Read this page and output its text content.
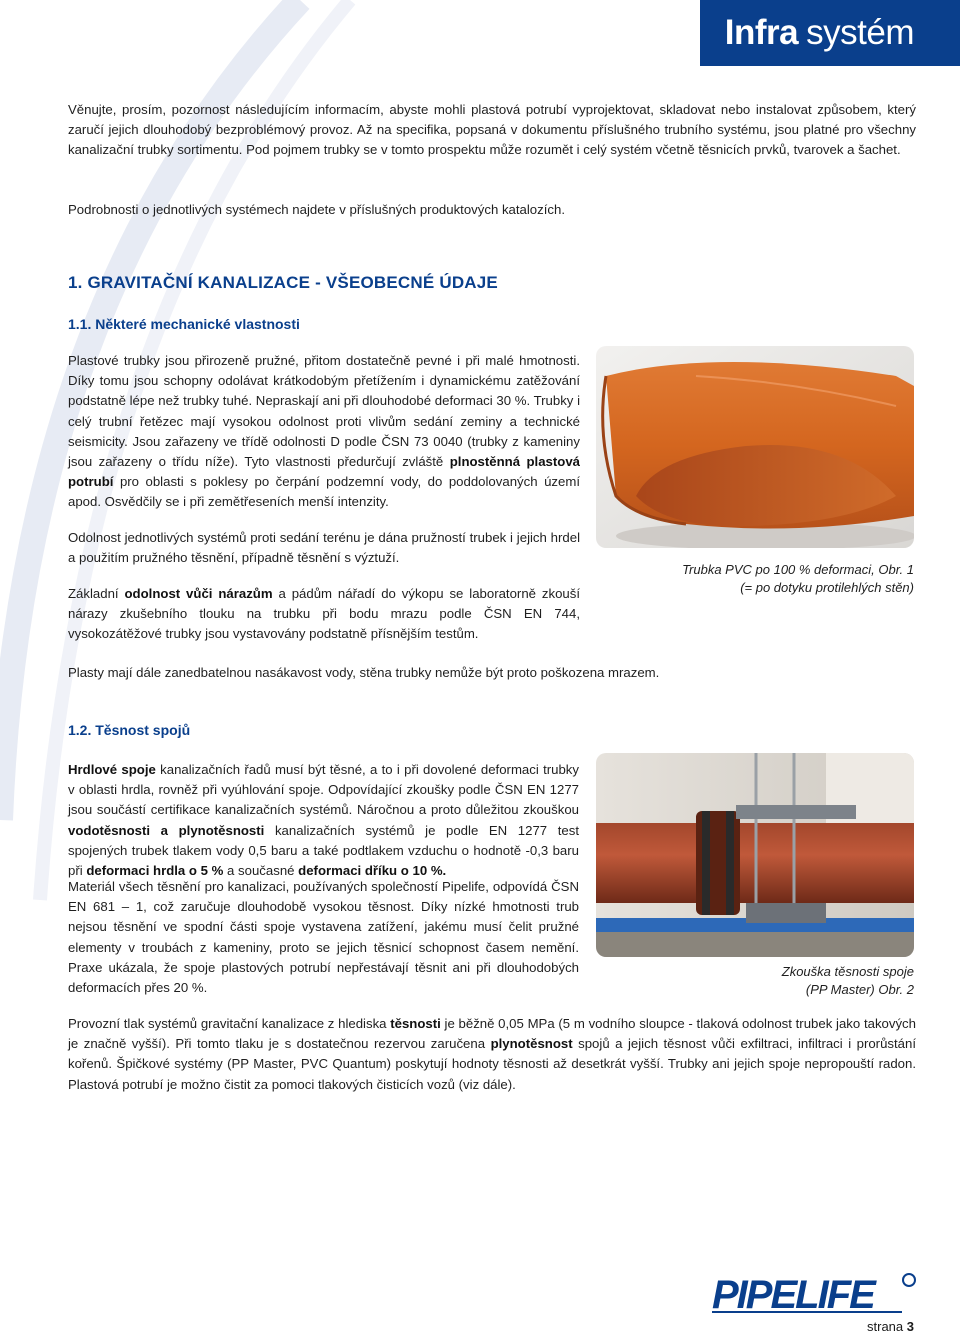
Infra systém

Věnujte, prosím, pozornost následujícím informacím, abyste mohli plastová potrubí vyprojektovat, skladovat nebo instalovat způsobem, který zaručí jejich dlouhodobý bezproblémový provoz. Až na specifika, popsaná v dokumentu příslušného trubního systému, jsou platné pro všechny kanalizační trubky sortimentu. Pod pojmem trubky se v tomto prospektu může rozumět i celý systém včetně těsnicích prvků, tvarovek a šachet.

Podrobnosti o jednotlivých systémech najdete v příslušných produktových katalozích.

1. GRAVITAČNÍ KANALIZACE - VŠEOBECNÉ ÚDAJE
1.1. Některé mechanické vlastnosti

Plastové trubky jsou přirozeně pružné, přitom dostatečně pevné i při malé hmotnosti. Díky tomu jsou schopny odolávat krátkodobým přetížením i dynamickému zatěžování podstatně lépe než trubky tuhé. Nepraskají ani při dlouhodobé deformaci 30 %. Trubky i celý trubní řetězec mají vysokou odolnost proti vlivům sedání zeminy a technické seismicity. Jsou zařazeny ve třídě odolnosti D podle ČSN 73 0040 (trubky z kameniny jsou zařazeny o třídu níže). Tyto vlastnosti předurčují zvláště plnostěnná plastová potrubí pro oblasti s poklesy po čerpání podzemní vody, do poddolovaných území apod. Osvědčily se i při zemětřeseních menší intenzity.

Odolnost jednotlivých systémů proti sedání terénu je dána pružností trubek i jejich hrdel a použitím pružného těsnění, případně těsnění s výztuží.

Základní odolnost vůči nárazům a pádům nářadí do výkopu se laboratorně zkouší nárazy zkušebního tlouku na trubku při bodu mrazu podle ČSN EN 744, vysokozátěžové trubky jsou vystavovány podstatně přísnějším testům.

Plasty mají dále zanedbatelnou nasákavost vody, stěna trubky nemůže být proto poškozena mrazem.

Trubka PVC po 100 % deformaci, Obr. 1
(= po dotyku protilehlých stěn)
1.2. Těsnost spojů

Hrdlové spoje kanalizačních řadů musí být těsné, a to i při dovolené deformaci trubky v oblasti hrdla, rovněž při vyúhlování spoje. Odpovídající zkoušky podle ČSN EN 1277 jsou součástí certifikace kanalizačních systémů. Náročnou a proto důležitou zkouškou vodotěsnosti a plynotěsnosti kanalizačních systémů je podle EN 1277 test spojených trubek tlakem vody 0,5 baru a také podtlakem vzduchu o hodnotě -0,3 baru při deformaci hrdla o 5 % a současné deformaci dříku o 10 %.

Materiál všech těsnění pro kanalizaci, používaných společností Pipelife, odpovídá ČSN EN 681 – 1, což zaručuje dlouhodobě vysokou těsnost. Díky nízké hmotnosti trub nejsou těsnění ve spodní části spoje vystavena zatížení, jakému musí čelit pružné elementy v troubách z kameniny, proto se jejich těsnicí schopnost časem nemění. Praxe ukázala, že spoje plastových potrubí nepřestávají těsnit ani při dlouhodobých deformacích přes 20 %.

Provozní tlak systémů gravitační kanalizace z hlediska těsnosti je běžně 0,05 MPa (5 m vodního sloupce - tlaková odolnost trubek jako takových je značně vyšší). Při tomto tlaku je s dostatečnou rezervou zaručena plynotěsnost spojů a jejich těsnost vůči exfiltraci, infiltraci i prorůstání kořenů. Špičkové systémy (PP Master, PVC Quantum) poskytují hodnoty těsnosti až desetkrát vyšší. Trubky ani jejich spoje nepropouští radon. Plastová potrubí je možno čistit za pomoci tlakových čisticích vozů (viz dále).

Zkouška těsnosti spoje
(PP Master) Obr. 2
PIPELIFE
strana 3
